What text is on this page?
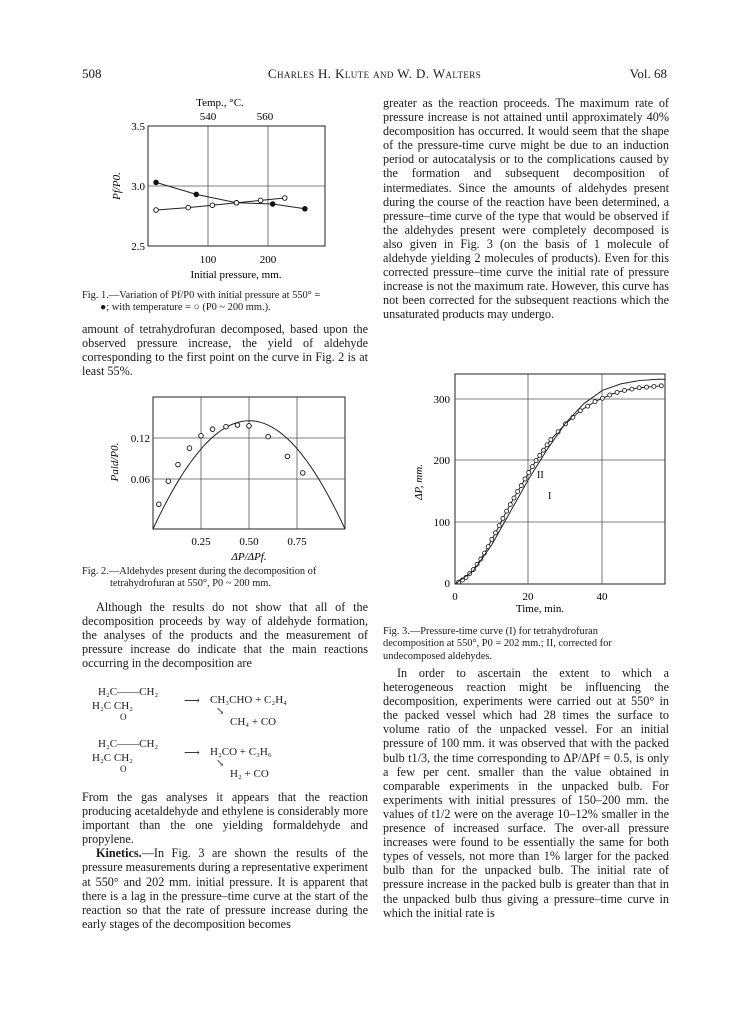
508	Charles H. Klute and W. D. Walters	Vol. 68
Temp., °C.
540	560
3.5
3.0
2.5
Pf/P0.
100	200
Initial pressure, mm.

Fig. 1.—Variation of Pf/P0 with initial pressure at 550° =

●; with temperature = ○ (P0 ~ 200 mm.).

amount of tetrahydrofuran decomposed, based upon the observed pressure increase, the yield of aldehyde corresponding to the first point on the curve in Fig. 2 is at least 55%.

0.12
0.06
Pald/P0.
0.25	0.50	0.75
ΔP/ΔPf.

Fig. 2.—Aldehydes present during the decomposition of

tetrahydrofuran at 550°, P0 ~ 200 mm.

Although the results do not show that all of the decomposition proceeds by way of aldehyde formation, the analyses of the products and the measurement of pressure increase do indicate that the main reactions occurring in the decomposition are

H₂C——CH₂
H₂C CH₂
O
⟶ CH₃CHO + C₂H₄
↘
CH₄ + CO
H₂C——CH₂
H₂C CH₂
O
⟶ H₂CO + C₃H₆
↘
H₂ + CO

From the gas analyses it appears that the reaction producing acetaldehyde and ethylene is considerably more important than the one yielding formaldehyde and propylene.

Kinetics.—In Fig. 3 are shown the results of the pressure measurements during a representative experiment at 550° and 202 mm. initial pressure. It is apparent that there is a lag in the pressure–time curve at the start of the reaction so that the rate of pressure increase during the early stages of the decomposition becomes

greater as the reaction proceeds. The maximum rate of pressure increase is not attained until approximately 40% decomposition has occurred. It would seem that the shape of the pressure-time curve might be due to an induction period or autocatalysis or to the complications caused by the formation and subsequent decomposition of intermediates. Since the amounts of aldehydes present during the course of the reaction have been determined, a pressure–time curve of the type that would be observed if the aldehydes present were completely decomposed is also given in Fig. 3 (on the basis of 1 molecule of aldehyde yielding 2 molecules of products). Even for this corrected pressure–time curve the initial rate of pressure increase is not the maximum rate. However, this curve has not been corrected for the subsequent reactions which the unsaturated products may undergo.

300
200
100
0
ΔP, mm.
0	20	40
Time, min.
II
I

Fig. 3.—Pressure-time curve (I) for tetrahydrofuran

decomposition at 550°, P0 = 202 mm.; II, corrected for

undecomposed aldehydes.

In order to ascertain the extent to which a heterogeneous reaction might be influencing the decomposition, experiments were carried out at 550° in the packed vessel which had 28 times the surface to volume ratio of the unpacked vessel. For an initial pressure of 100 mm. it was observed that with the packed bulb t1/3, the time corresponding to ΔP/ΔPf = 0.5, is only a few per cent. smaller than the value obtained in comparable experiments in the unpacked bulb. For experiments with initial pressures of 150–200 mm. the values of t1/2 were on the average 10–12% smaller in the presence of increased surface. The over-all pressure increases were found to be essentially the same for both types of vessels, not more than 1% larger for the packed bulb than for the unpacked bulb. The initial rate of pressure increase in the packed bulb is greater than that in the unpacked bulb thus giving a pressure–time curve in which the initial rate is
